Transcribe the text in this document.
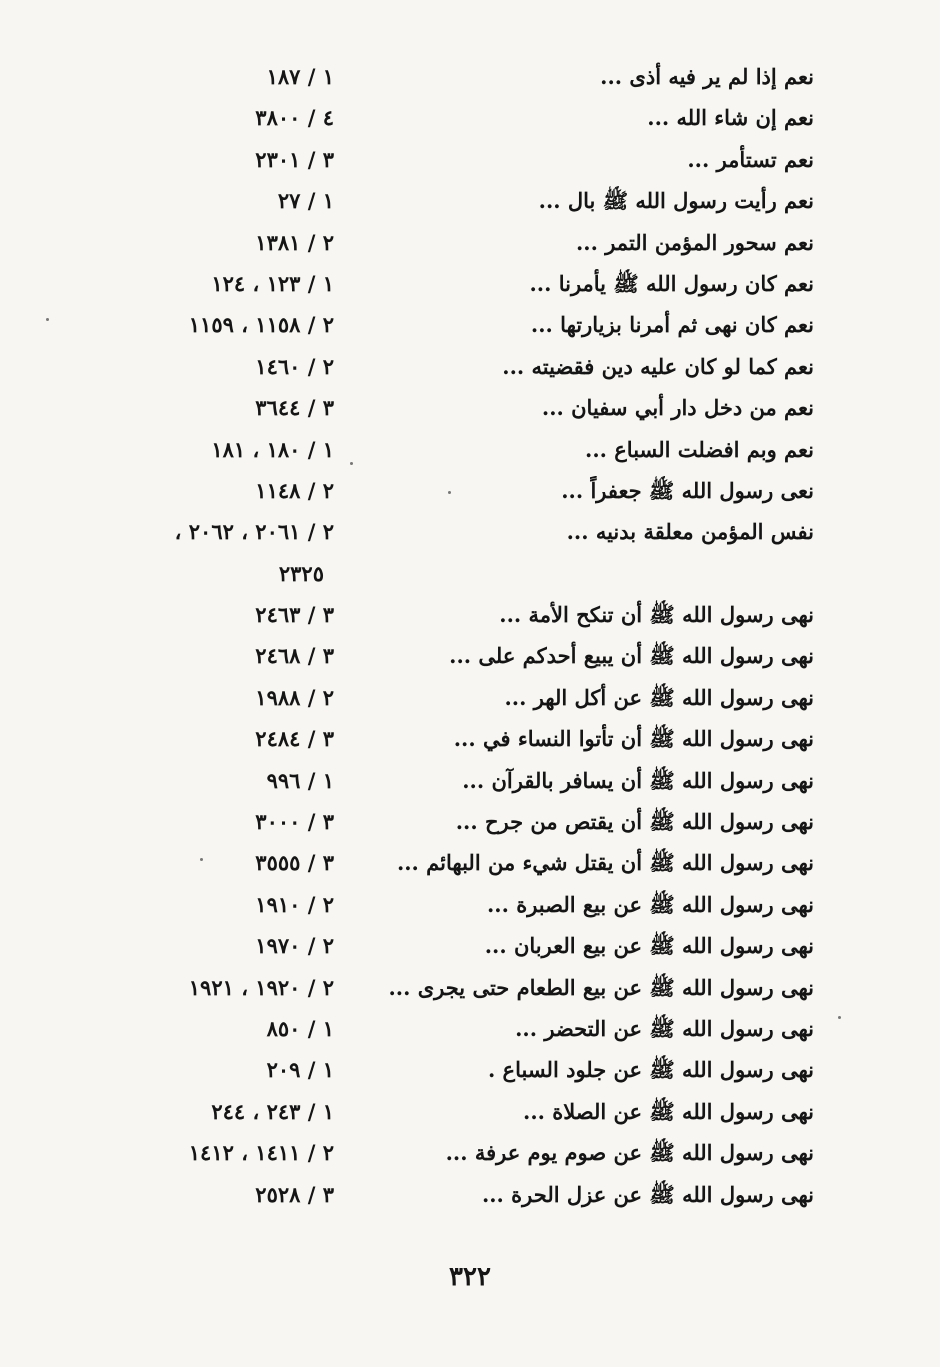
نعم إذا لم ير فيه أذى ...
١ / ١٨٧
نعم إن شاء الله ...
٤ / ٣٨٠٠
نعم تستأمر ...
٣ / ٢٣٠١
نعم رأيت رسول الله ﷺ بال ...
١ / ٢٧
نعم سحور المؤمن التمر ...
٢ / ١٣٨١
نعم كان رسول الله ﷺ يأمرنا ...
١ / ١٢٣ ، ١٢٤
نعم كان نهى ثم أمرنا بزيارتها ...
٢ / ١١٥٨ ، ١١٥٩
نعم كما لو كان عليه دين فقضيته ...
٢ / ١٤٦٠
نعم من دخل دار أبي سفيان ...
٣ / ٣٦٤٤
نعم وبم افضلت السباع ...
١ / ١٨٠ ، ١٨١
نعى رسول الله ﷺ جعفراً ...
٢ / ١١٤٨
نفس المؤمن معلقة بدنيه ...
٢ / ٢٠٦١ ، ٢٠٦٢ ،
٢٣٢٥
نهى رسول الله ﷺ أن تنكح الأمة ...
٣ / ٢٤٦٣
نهى رسول الله ﷺ أن يبيع أحدكم على ...
٣ / ٢٤٦٨
نهى رسول الله ﷺ عن أكل الهر ...
٢ / ١٩٨٨
نهى رسول الله ﷺ أن تأتوا النساء في ...
٣ / ٢٤٨٤
نهى رسول الله ﷺ أن يسافر بالقرآن ...
١ / ٩٩٦
نهى رسول الله ﷺ أن يقتص من جرح ...
٣ / ٣٠٠٠
نهى رسول الله ﷺ أن يقتل شيء من البهائم ...
٣ / ٣٥٥٥
نهى رسول الله ﷺ عن بيع الصبرة ...
٢ / ١٩١٠
نهى رسول الله ﷺ عن بيع العربان ...
٢ / ١٩٧٠
نهى رسول الله ﷺ عن بيع الطعام حتى يجرى ...
٢ / ١٩٢٠ ، ١٩٢١
نهى رسول الله ﷺ عن التحضر ...
١ / ٨٥٠
نهى رسول الله ﷺ عن جلود السباع .
١ / ٢٠٩
نهى رسول الله ﷺ عن الصلاة ...
١ / ٢٤٣ ، ٢٤٤
نهى رسول الله ﷺ عن صوم يوم عرفة ...
٢ / ١٤١١ ، ١٤١٢
نهى رسول الله ﷺ عن عزل الحرة ...
٣ / ٢٥٢٨
٣٢٢
